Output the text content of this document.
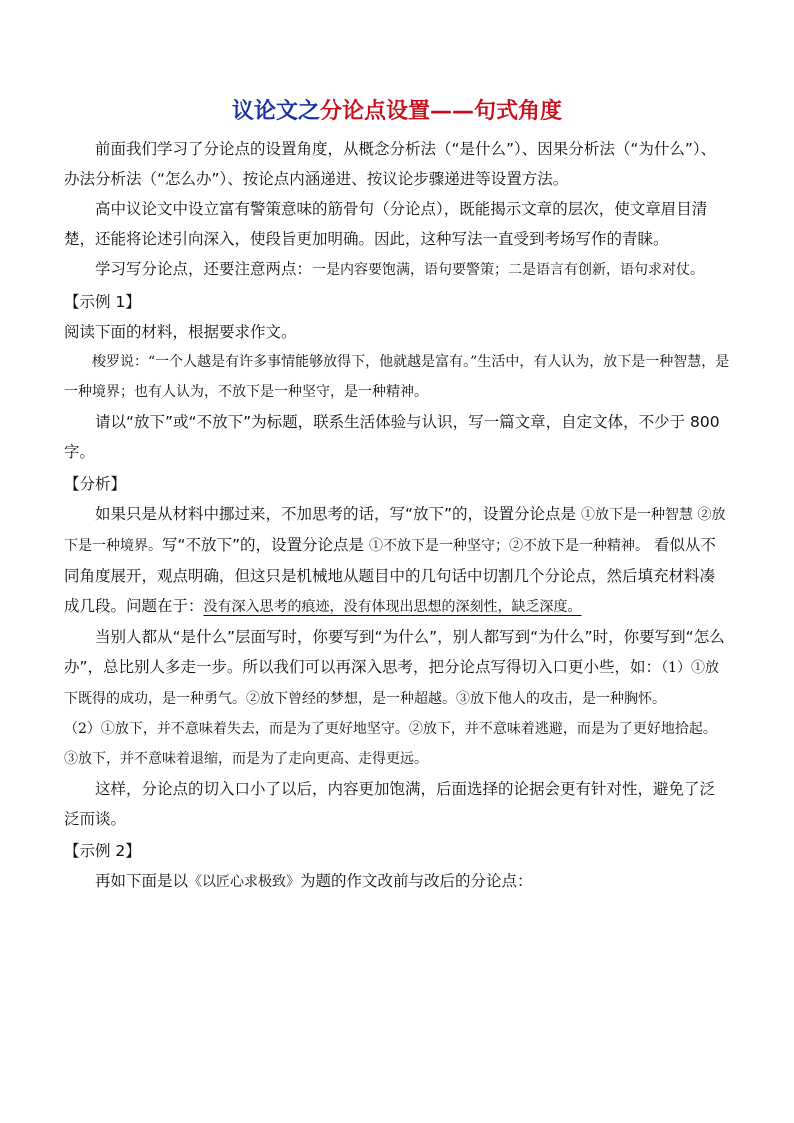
议论文之分论点设置——句式角度

前面我们学习了分论点的设置角度，从概念分析法（“是什么”）、因果分析法（“为什么”）、办法分析法（“怎么办”）、按论点内涵递进、按议论步骤递进等设置方法。

高中议论文中设立富有警策意味的筋骨句（分论点），既能揭示文章的层次，使文章眉目清楚，还能将论述引向深入，使段旨更加明确。因此，这种写法一直受到考场写作的青睐。

学习写分论点，还要注意两点：一是内容要饱满，语句要警策；二是语言有创新，语句求对仗。

【示例 1】

阅读下面的材料，根据要求作文。

梭罗说：“一个人越是有许多事情能够放得下，他就越是富有。”生活中，有人认为，放下是一种智慧，是一种境界；也有人认为，不放下是一种坚守，是一种精神。

请以“放下”或“不放下”为标题，联系生活体验与认识，写一篇文章，自定文体，不少于 800 字。

【分析】

如果只是从材料中挪过来，不加思考的话，写“放下”的，设置分论点是 ①放下是一种智慧 ②放下是一种境界。写“不放下”的，设置分论点是 ①不放下是一种坚守；②不放下是一种精神。 看似从不同角度展开，观点明确，但这只是机械地从题目中的几句话中切割几个分论点，然后填充材料凑成几段。问题在于：没有深入思考的痕迹，没有体现出思想的深刻性，缺乏深度。

当别人都从“是什么”层面写时，你要写到“为什么”，别人都写到“为什么”时，你要写到“怎么办”，总比别人多走一步。所以我们可以再深入思考，把分论点写得切入口更小些，如：（1）①放下既得的成功，是一种勇气。②放下曾经的梦想，是一种超越。③放下他人的攻击，是一种胸怀。

（2）①放下，并不意味着失去，而是为了更好地坚守。②放下，并不意味着逃避，而是为了更好地拾起。③放下，并不意味着退缩，而是为了走向更高、走得更远。

这样，分论点的切入口小了以后，内容更加饱满，后面选择的论据会更有针对性，避免了泛泛而谈。

【示例 2】

再如下面是以《以匠心求极致》为题的作文改前与改后的分论点：
